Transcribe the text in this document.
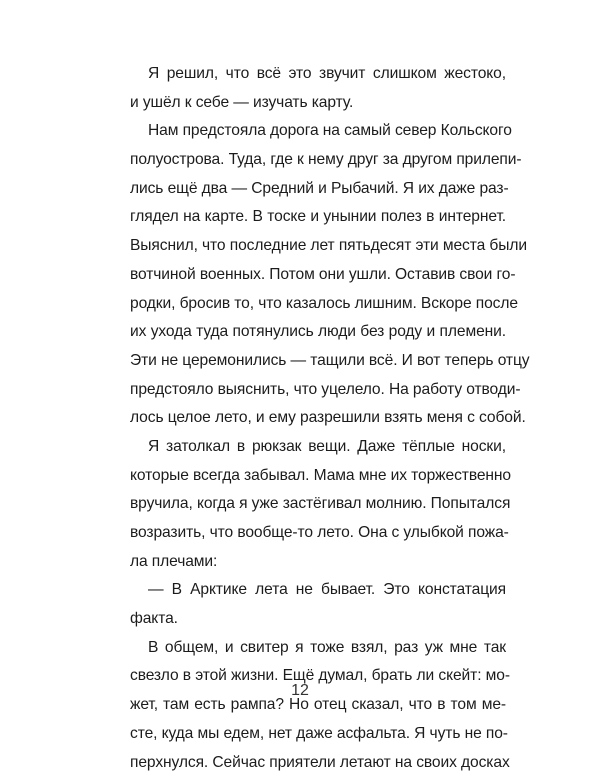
Я решил, что всё это звучит слишком жестоко,
и ушёл к себе — изучать карту.
Нам предстояла дорога на самый север Кольского
полуострова. Туда, где к нему друг за другом прилепи-
лись ещё два — Средний и Рыбачий. Я их даже раз-
глядел на карте. В тоске и унынии полез в интернет.
Выяснил, что последние лет пятьдесят эти места были
вотчиной военных. Потом они ушли. Оставив свои го-
родки, бросив то, что казалось лишним. Вскоре после
их ухода туда потянулись люди без роду и племени.
Эти не церемонились — тащили всё. И вот теперь отцу
предстояло выяснить, что уцелело. На работу отводи-
лось целое лето, и ему разрешили взять меня с собой.
Я затолкал в рюкзак вещи. Даже тёплые носки,
которые всегда забывал. Мама мне их торжественно
вручила, когда я уже застёгивал молнию. Попытался
возразить, что вообще-то лето. Она с улыбкой пожа-
ла плечами:
— В Арктике лета не бывает. Это констатация
факта.
В общем, и свитер я тоже взял, раз уж мне так
свезло в этой жизни. Ещё думал, брать ли скейт: мо-
жет, там есть рампа? Но отец сказал, что в том ме-
сте, куда мы едем, нет даже асфальта. Я чуть не по-
перхнулся. Сейчас приятели летают на своих досках
12
